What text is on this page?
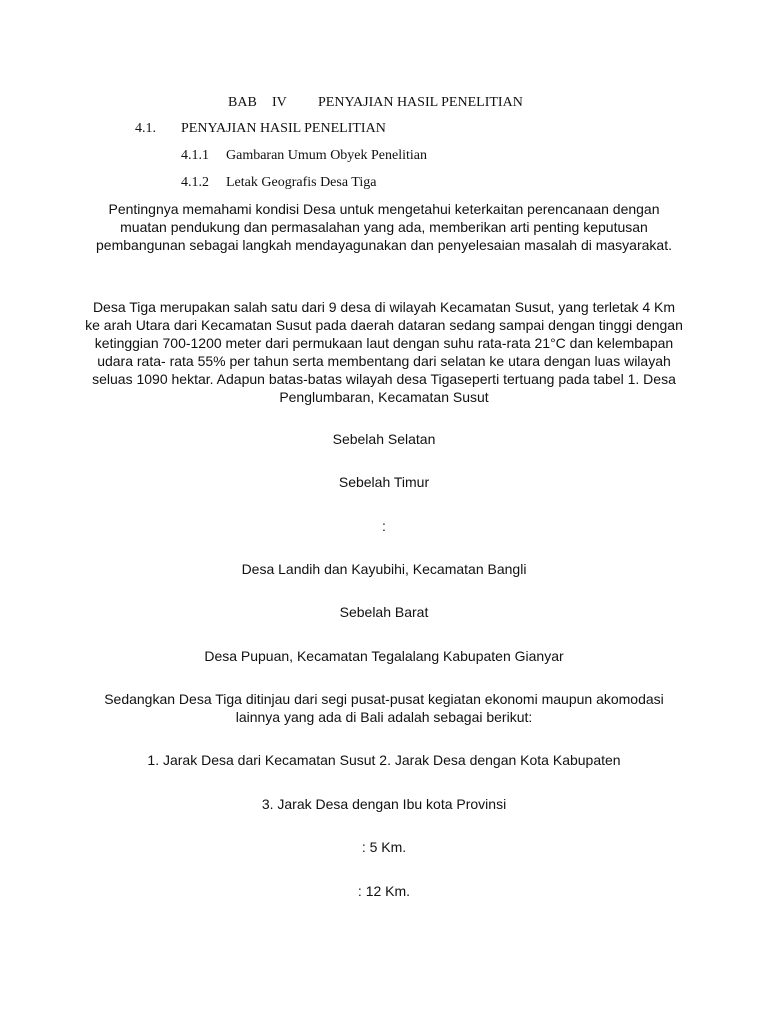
BAB IV PENYAJIAN HASIL PENELITIAN
4.1. PENYAJIAN HASIL PENELITIAN
4.1.1 Gambaran Umum Obyek Penelitian
4.1.2 Letak Geografis Desa Tiga

Pentingnya memahami kondisi Desa untuk mengetahui keterkaitan perencanaan dengan muatan pendukung dan permasalahan yang ada, memberikan arti penting keputusan pembangunan sebagai langkah mendayagunakan dan penyelesaian masalah di masyarakat.

Desa Tiga merupakan salah satu dari 9 desa di wilayah Kecamatan Susut, yang terletak 4 Km ke arah Utara dari Kecamatan Susut pada daerah dataran sedang sampai dengan tinggi dengan ketinggian 700-1200 meter dari permukaan laut dengan suhu rata-rata 21°C dan kelembapan udara rata- rata 55% per tahun serta membentang dari selatan ke utara dengan luas wilayah seluas 1090 hektar. Adapun batas-batas wilayah desa Tigaseperti tertuang pada tabel 1. Desa Penglumbaran, Kecamatan Susut

Sebelah Selatan
Sebelah Timur
:
Desa Landih dan Kayubihi, Kecamatan Bangli
Sebelah Barat
Desa Pupuan, Kecamatan Tegalalang Kabupaten Gianyar

Sedangkan Desa Tiga ditinjau dari segi pusat-pusat kegiatan ekonomi maupun akomodasi lainnya yang ada di Bali adalah sebagai berikut:

1. Jarak Desa dari Kecamatan Susut 2. Jarak Desa dengan Kota Kabupaten
3. Jarak Desa dengan Ibu kota Provinsi
: 5 Km.
: 12 Km.
